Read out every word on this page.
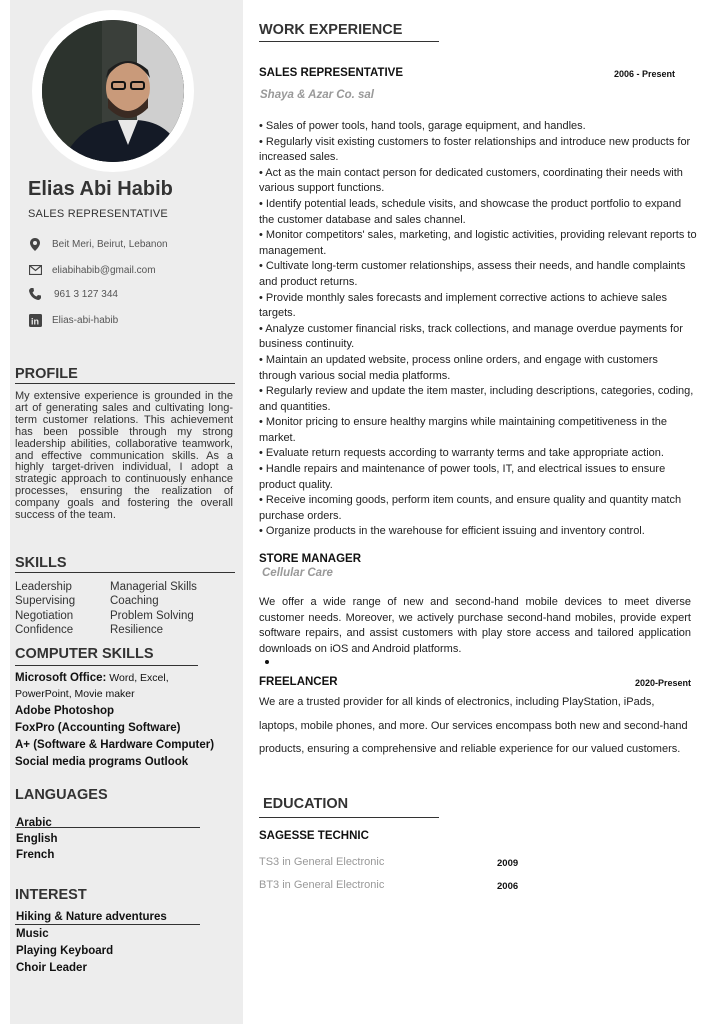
Elias Abi Habib
SALES REPRESENTATIVE
Beit Meri, Beirut, Lebanon
eliabihabib@gmail.com
961 3 127 344
in Elias-abi-habib
PROFILE
My extensive experience is grounded in the art of generating sales and cultivating long-term customer relations. This achievement has been possible through my strong leadership abilities, collaborative teamwork, and effective communication skills. As a highly target-driven individual, I adopt a strategic approach to continuously enhance processes, ensuring the realization of company goals and fostering the overall success of the team.
SKILLS
Leadership	Managerial Skills
Supervising	Coaching
Negotiation	Problem Solving
Confidence	Resilience
COMPUTER SKILLS
Microsoft Office: Word, Excel,
PowerPoint, Movie maker
Adobe Photoshop
FoxPro (Accounting Software)
A+ (Software & Hardware Computer)
Social media programs Outlook
LANGUAGES
Arabic
English
French
INTEREST
Hiking & Nature adventures
Music
Playing Keyboard
Choir Leader
WORK EXPERIENCE
SALES REPRESENTATIVE	2006 - Present
Shaya & Azar Co. sal
• Sales of power tools, hand tools, garage equipment, and handles.
• Regularly visit existing customers to foster relationships and introduce new products for increased sales.
• Act as the main contact person for dedicated customers, coordinating their needs with various support functions.
• Identify potential leads, schedule visits, and showcase the product portfolio to expand the customer database and sales channel.
• Monitor competitors' sales, marketing, and logistic activities, providing relevant reports to management.
• Cultivate long-term customer relationships, assess their needs, and handle complaints and product returns.
• Provide monthly sales forecasts and implement corrective actions to achieve sales targets.
• Analyze customer financial risks, track collections, and manage overdue payments for business continuity.
• Maintain an updated website, process online orders, and engage with customers through various social media platforms.
• Regularly review and update the item master, including descriptions, categories, coding, and quantities.
• Monitor pricing to ensure healthy margins while maintaining competitiveness in the market.
• Evaluate return requests according to warranty terms and take appropriate action.
• Handle repairs and maintenance of power tools, IT, and electrical issues to ensure product quality.
• Receive incoming goods, perform item counts, and ensure quality and quantity match purchase orders.
• Organize products in the warehouse for efficient issuing and inventory control.
STORE MANAGER
Cellular Care
We offer a wide range of new and second-hand mobile devices to meet diverse customer needs. Moreover, we actively purchase second-hand mobiles, provide expert software repairs, and assist customers with play store access and tailored application downloads on iOS and Android platforms.
FREELANCER	2020-Present
We are a trusted provider for all kinds of electronics, including PlayStation, iPads, laptops, mobile phones, and more. Our services encompass both new and second-hand products, ensuring a comprehensive and reliable experience for our valued customers.
EDUCATION
SAGESSE TECHNIC
TS3 in General Electronic	2009
BT3 in General Electronic	2006
